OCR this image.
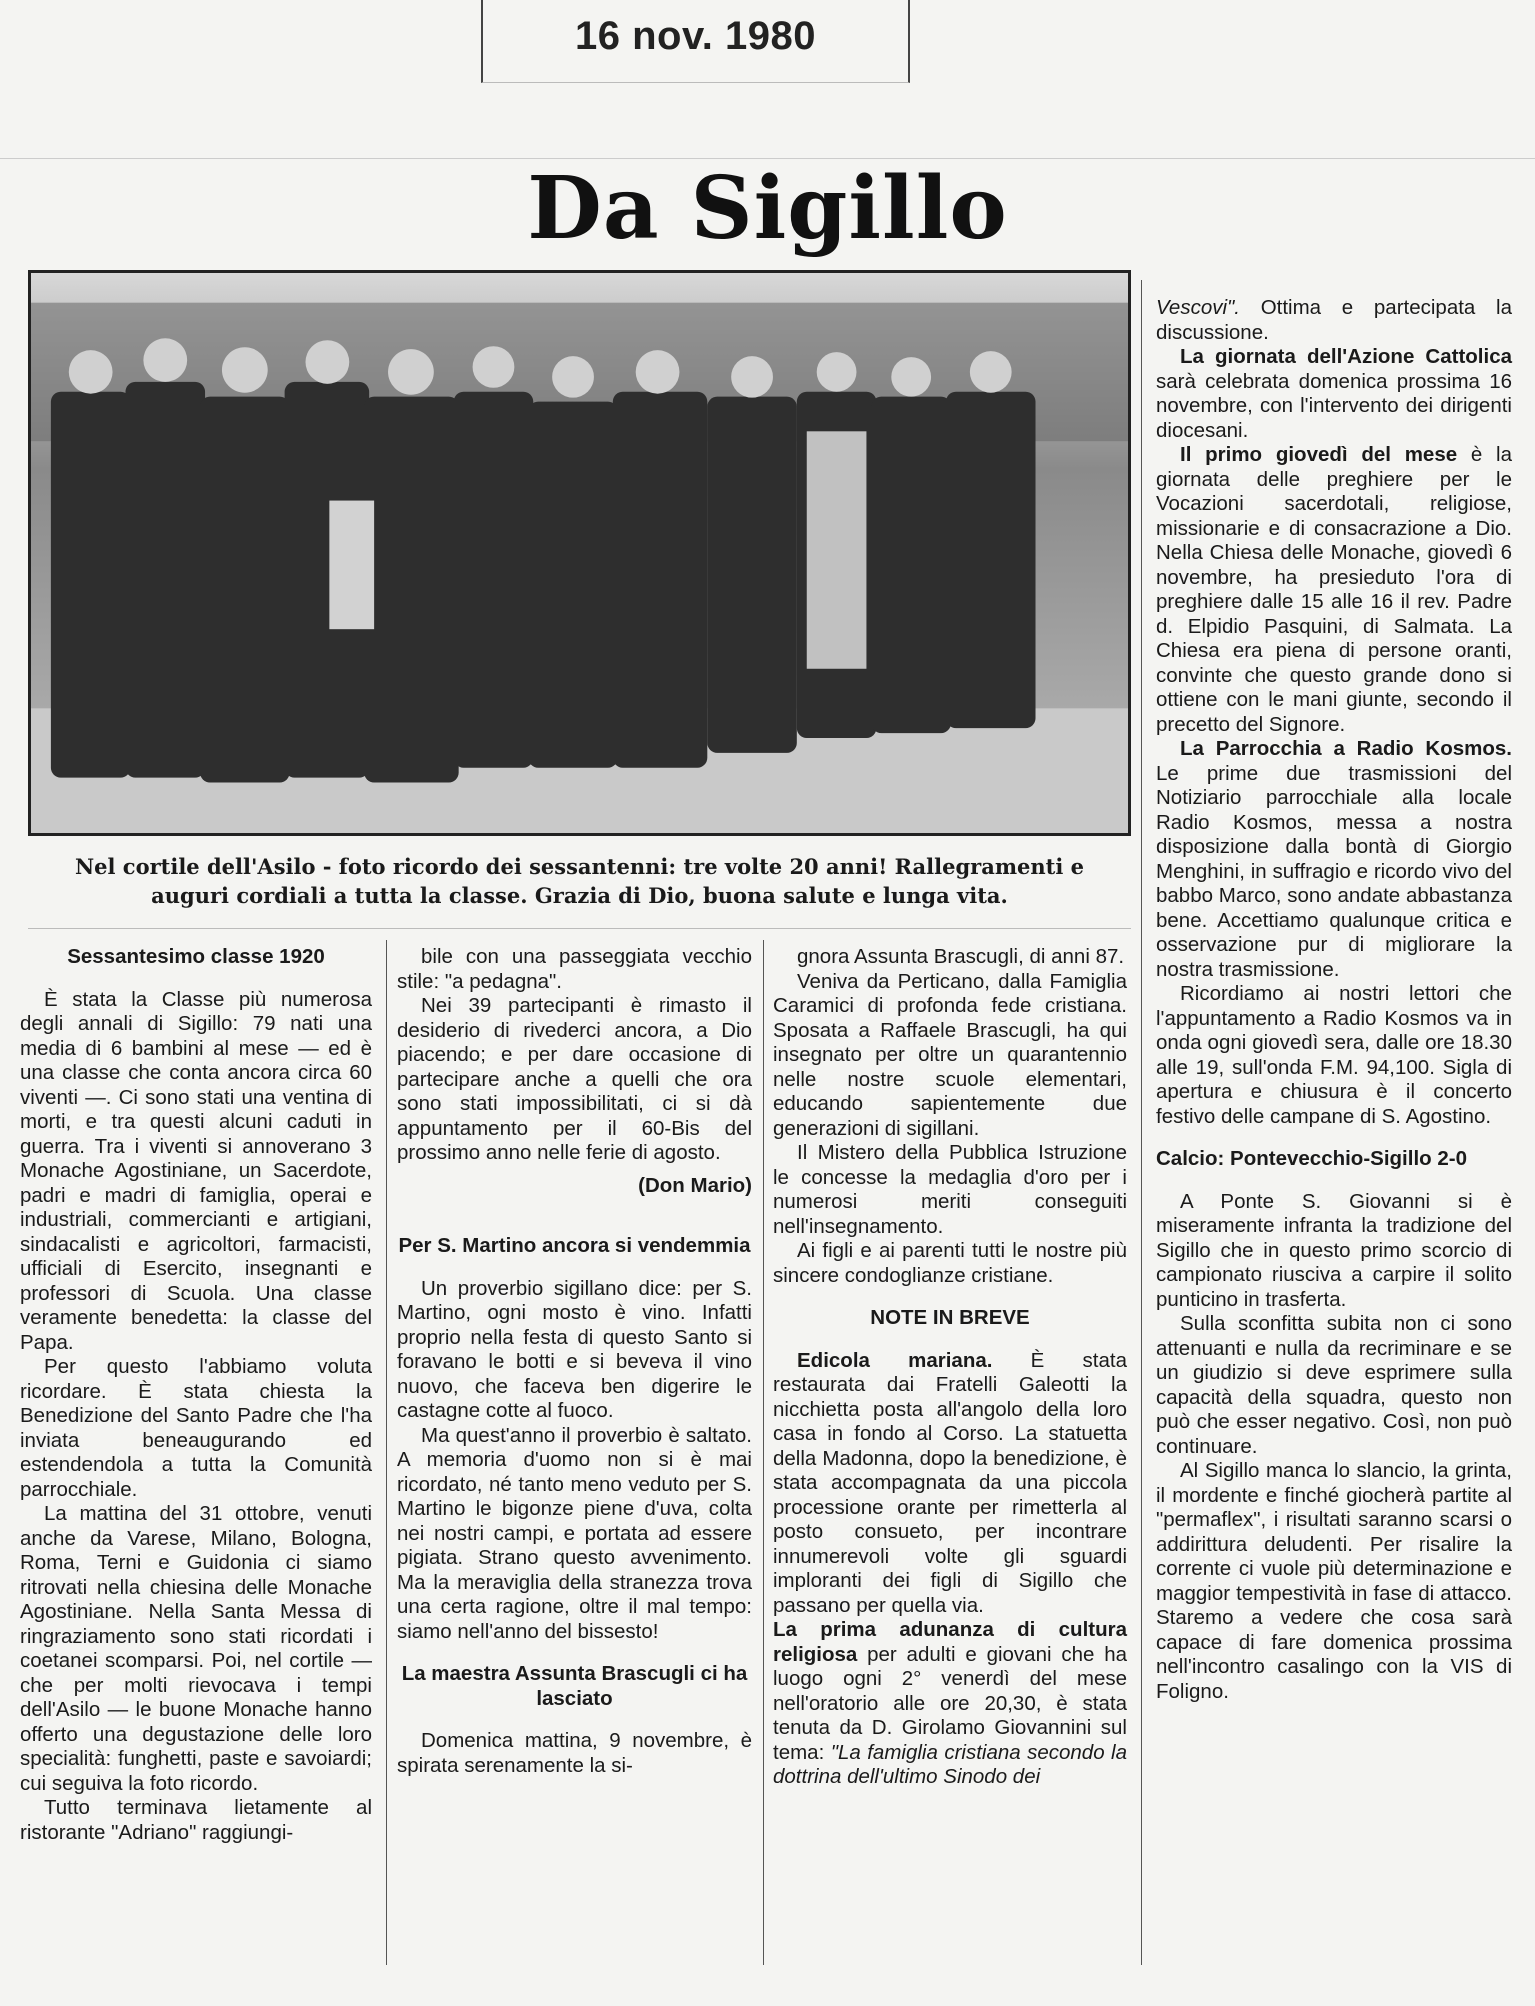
16 nov. 1980
Da Sigillo
Nel cortile dell'Asilo - foto ricordo dei sessantenni: tre volte 20 anni! Rallegramenti e
auguri cordiali a tutta la classe. Grazia di Dio, buona salute e lunga vita.

Sessantesimo classe 1920

È stata la Classe più numerosa degli annali di Sigillo: 79 nati una media di 6 bambini al mese — ed è una classe che conta ancora circa 60 viventi —. Ci sono stati una ventina di morti, e tra questi alcuni caduti in guerra. Tra i viventi si annoverano 3 Monache Agostiniane, un Sacerdote, padri e madri di famiglia, operai e industriali, commercianti e artigiani, sindacalisti e agricoltori, farmacisti, ufficiali di Esercito, insegnanti e professori di Scuola. Una classe veramente benedetta: la classe del Papa.

Per questo l'abbiamo voluta ricordare. È stata chiesta la Benedizione del Santo Padre che l'ha inviata beneaugurando ed estendendola a tutta la Comunità parrocchiale.

La mattina del 31 ottobre, venuti anche da Varese, Milano, Bologna, Roma, Terni e Guidonia ci siamo ritrovati nella chiesina delle Monache Agostiniane. Nella Santa Messa di ringraziamento sono stati ricordati i coetanei scomparsi. Poi, nel cortile — che per molti rievocava i tempi dell'Asilo — le buone Monache hanno offerto una degustazione delle loro specialità: funghetti, paste e savoiardi; cui seguiva la foto ricordo.

Tutto terminava lietamente al ristorante "Adriano" raggiungi-

bile con una passeggiata vecchio stile: "a pedagna".

Nei 39 partecipanti è rimasto il desiderio di rivederci ancora, a Dio piacendo; e per dare occasione di partecipare anche a quelli che ora sono stati impossibilitati, ci si dà appuntamento per il 60-Bis del prossimo anno nelle ferie di agosto.

(Don Mario)

Per S. Martino ancora si vendemmia

Un proverbio sigillano dice: per S. Martino, ogni mosto è vino. Infatti proprio nella festa di questo Santo si foravano le botti e si beveva il vino nuovo, che faceva ben digerire le castagne cotte al fuoco.

Ma quest'anno il proverbio è saltato. A memoria d'uomo non si è mai ricordato, né tanto meno veduto per S. Martino le bigonze piene d'uva, colta nei nostri campi, e portata ad essere pigiata. Strano questo avvenimento. Ma la meraviglia della stranezza trova una certa ragione, oltre il mal tempo: siamo nell'anno del bissesto!

La maestra Assunta Brascugli ci ha lasciato

Domenica mattina, 9 novembre, è spirata serenamente la si-

gnora Assunta Brascugli, di anni 87.

Veniva da Perticano, dalla Famiglia Caramici di profonda fede cristiana. Sposata a Raffaele Brascugli, ha qui insegnato per oltre un quarantennio nelle nostre scuole elementari, educando sapientemente due generazioni di sigillani.

Il Mistero della Pubblica Istruzione le concesse la medaglia d'oro per i numerosi meriti conseguiti nell'insegnamento.

Ai figli e ai parenti tutti le nostre più sincere condoglianze cristiane.

NOTE IN BREVE

Edicola mariana. È stata restaurata dai Fratelli Galeotti la nicchietta posta all'angolo della loro casa in fondo al Corso. La statuetta della Madonna, dopo la benedizione, è stata accompagnata da una piccola processione orante per rimetterla al posto consueto, per incontrare innumerevoli volte gli sguardi imploranti dei figli di Sigillo che passano per quella via.

La prima adunanza di cultura religiosa per adulti e giovani che ha luogo ogni 2° venerdì del mese nell'oratorio alle ore 20,30, è stata tenuta da D. Girolamo Giovannini sul tema: "La famiglia cristiana secondo la dottrina dell'ultimo Sinodo dei

Vescovi". Ottima e partecipata la discussione.

La giornata dell'Azione Cattolica sarà celebrata domenica prossima 16 novembre, con l'intervento dei dirigenti diocesani.

Il primo giovedì del mese è la giornata delle preghiere per le Vocazioni sacerdotali, religiose, missionarie e di consacrazione a Dio. Nella Chiesa delle Monache, giovedì 6 novembre, ha presieduto l'ora di preghiere dalle 15 alle 16 il rev. Padre d. Elpidio Pasquini, di Salmata. La Chiesa era piena di persone oranti, convinte che questo grande dono si ottiene con le mani giunte, secondo il precetto del Signore.

La Parrocchia a Radio Kosmos. Le prime due trasmissioni del Notiziario parrocchiale alla locale Radio Kosmos, messa a nostra disposizione dalla bontà di Giorgio Menghini, in suffragio e ricordo vivo del babbo Marco, sono andate abbastanza bene. Accettiamo qualunque critica e osservazione pur di migliorare la nostra trasmissione.

Ricordiamo ai nostri lettori che l'appuntamento a Radio Kosmos va in onda ogni giovedì sera, dalle ore 18.30 alle 19, sull'onda F.M. 94,100. Sigla di apertura e chiusura è il concerto festivo delle campane di S. Agostino.

Calcio: Pontevecchio-Sigillo 2-0

A Ponte S. Giovanni si è miseramente infranta la tradizione del Sigillo che in questo primo scorcio di campionato riusciva a carpire il solito punticino in trasferta.

Sulla sconfitta subita non ci sono attenuanti e nulla da recriminare e se un giudizio si deve esprimere sulla capacità della squadra, questo non può che esser negativo. Così, non può continuare.

Al Sigillo manca lo slancio, la grinta, il mordente e finché giocherà partite al "permaflex", i risultati saranno scarsi o addirittura deludenti. Per risalire la corrente ci vuole più determinazione e maggior tempestività in fase di attacco. Staremo a vedere che cosa sarà capace di fare domenica prossima nell'incontro casalingo con la VIS di Foligno.
